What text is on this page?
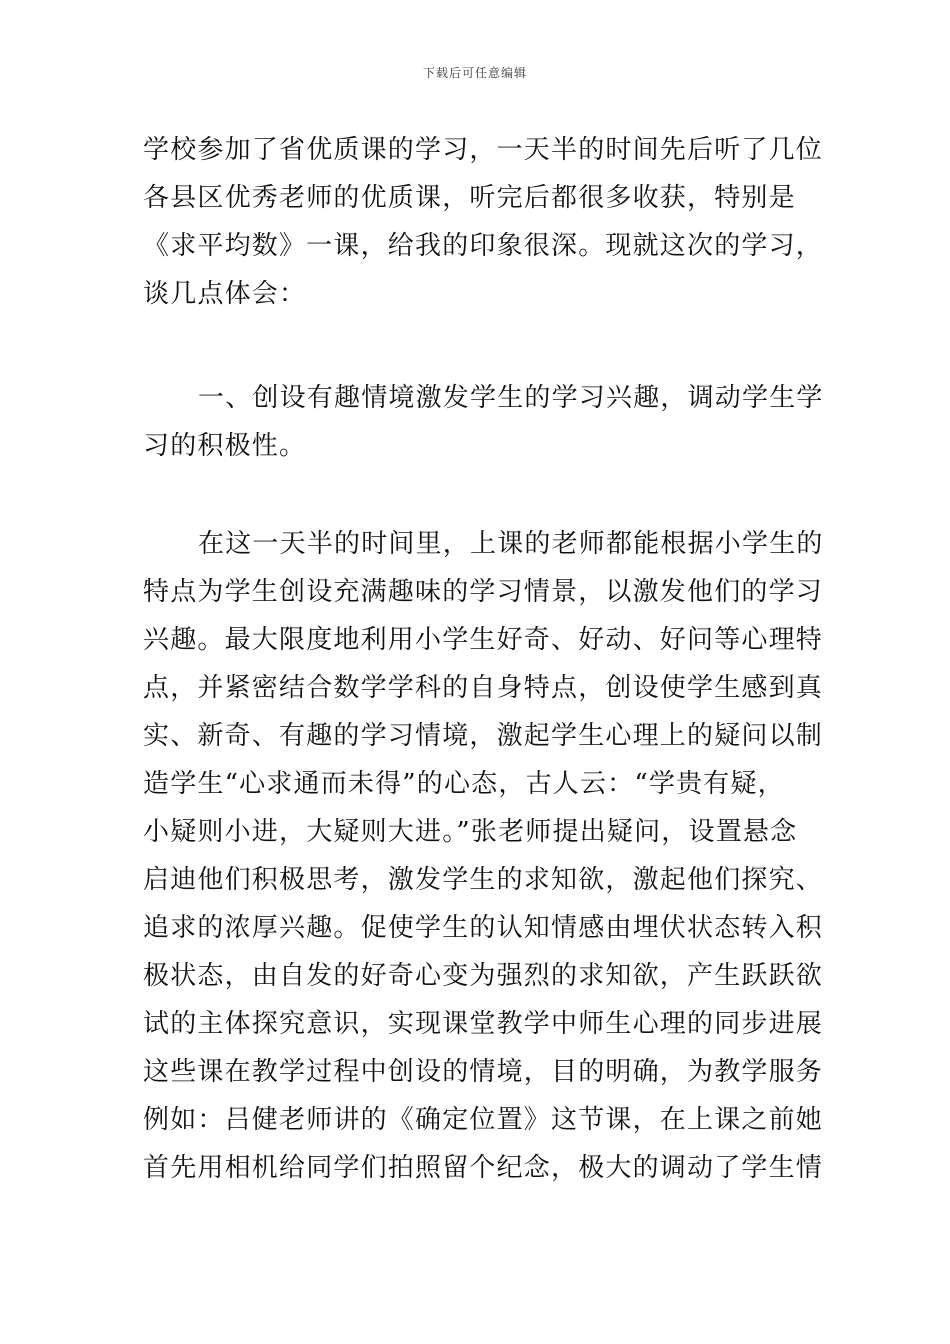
下载后可任意编辑
学校参加了省优质课的学习，一天半的时间先后听了几位
各县区优秀老师的优质课，听完后都很多收获，特别是
《求平均数》一课，给我的印象很深。现就这次的学习，
谈几点体会：
一、创设有趣情境激发学生的学习兴趣，调动学生学
习的积极性。
在这一天半的时间里，上课的老师都能根据小学生的
特点为学生创设充满趣味的学习情景，以激发他们的学习
兴趣。最大限度地利用小学生好奇、好动、好问等心理特
点，并紧密结合数学学科的自身特点，创设使学生感到真
实、新奇、有趣的学习情境，激起学生心理上的疑问以制
造学生“心求通而未得”的心态，古人云：“学贵有疑，
小疑则小进，大疑则大进。”张老师提出疑问，设置悬念
启迪他们积极思考，激发学生的求知欲，激起他们探究、
追求的浓厚兴趣。促使学生的认知情感由埋伏状态转入积
极状态，由自发的好奇心变为强烈的求知欲，产生跃跃欲
试的主体探究意识，实现课堂教学中师生心理的同步进展
这些课在教学过程中创设的情境，目的明确，为教学服务
例如：吕健老师讲的《确定位置》这节课，在上课之前她
首先用相机给同学们拍照留个纪念，极大的调动了学生情
